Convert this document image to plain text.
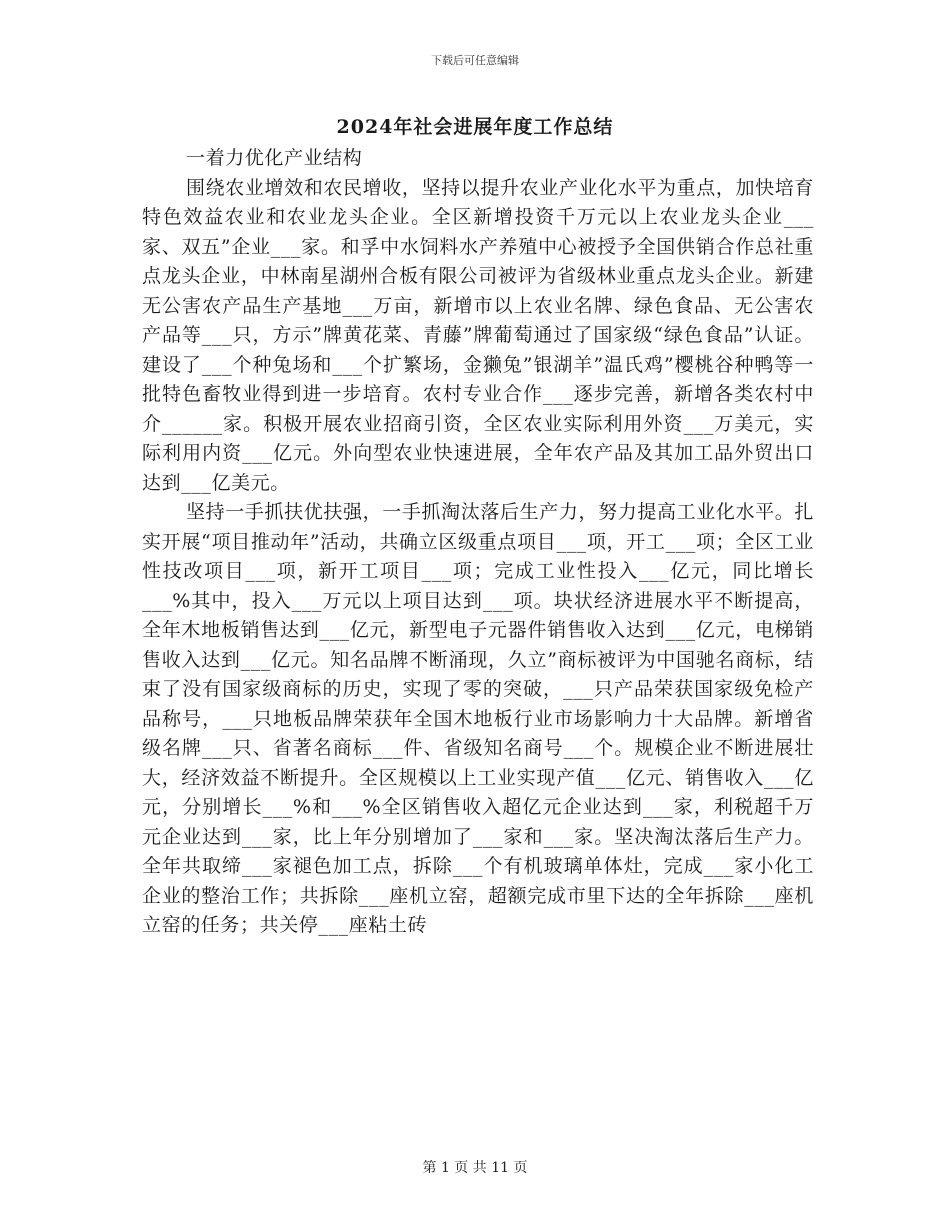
下载后可任意编辑
2024年社会进展年度工作总结

一着力优化产业结构

围绕农业增效和农民增收，坚持以提升农业产业化水平为重点，加快培育特色效益农业和农业龙头企业。全区新增投资千万元以上农业龙头企业___家、双五”企业___家。和孚中水饲料水产养殖中心被授予全国供销合作总社重点龙头企业，中林南星湖州合板有限公司被评为省级林业重点龙头企业。新建无公害农产品生产基地___万亩，新增市以上农业名牌、绿色食品、无公害农产品等___只，方示”牌黄花菜、青藤”牌葡萄通过了国家级“绿色食品”认证。建设了___个种兔场和___个扩繁场，金獭兔”银湖羊”温氏鸡”樱桃谷种鸭等一批特色畜牧业得到进一步培育。农村专业合作___逐步完善，新增各类农村中介______家。积极开展农业招商引资，全区农业实际利用外资___万美元，实际利用内资___亿元。外向型农业快速进展，全年农产品及其加工品外贸出口达到___亿美元。

坚持一手抓扶优扶强，一手抓淘汰落后生产力，努力提高工业化水平。扎实开展“项目推动年”活动，共确立区级重点项目___项，开工___项；全区工业性技改项目___项，新开工项目___项；完成工业性投入___亿元，同比增长___%其中，投入___万元以上项目达到___项。块状经济进展水平不断提高，全年木地板销售达到___亿元，新型电子元器件销售收入达到___亿元，电梯销售收入达到___亿元。知名品牌不断涌现，久立”商标被评为中国驰名商标，结束了没有国家级商标的历史，实现了零的突破，___只产品荣获国家级免检产品称号，___只地板品牌荣获年全国木地板行业市场影响力十大品牌。新增省级名牌___只、省著名商标___件、省级知名商号___个。规模企业不断进展壮大，经济效益不断提升。全区规模以上工业实现产值___亿元、销售收入___亿元，分别增长___%和___%全区销售收入超亿元企业达到___家，利税超千万元企业达到___家，比上年分别增加了___家和___家。坚决淘汰落后生产力。全年共取缔___家褪色加工点，拆除___个有机玻璃单体灶，完成___家小化工企业的整治工作；共拆除___座机立窑，超额完成市里下达的全年拆除___座机立窑的任务；共关停___座粘土砖

第 1 页 共 11 页
